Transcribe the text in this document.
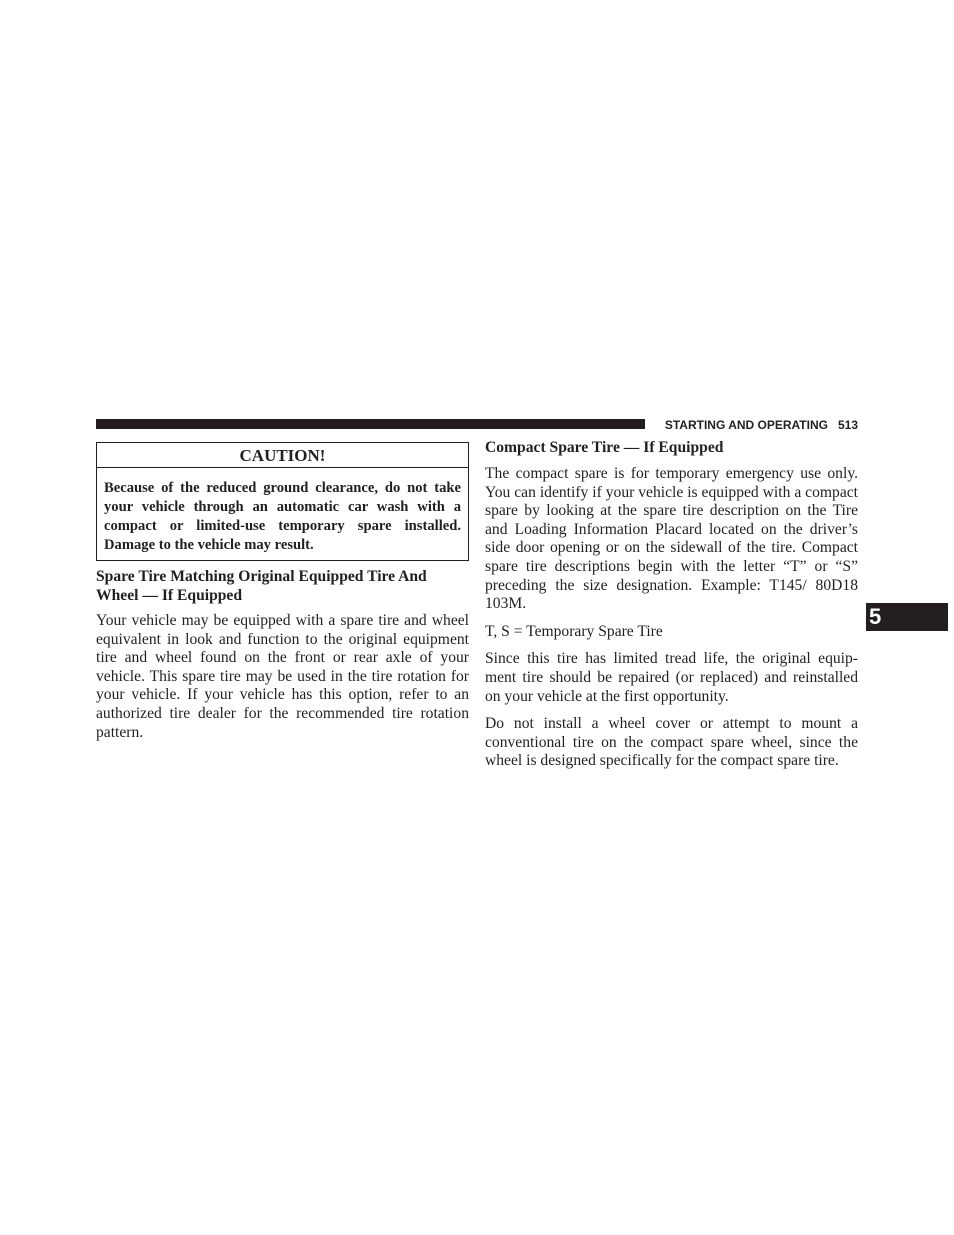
STARTING AND OPERATING 513
CAUTION!

Because of the reduced ground clearance, do not take your vehicle through an automatic car wash with a compact or limited-use temporary spare installed. Damage to the vehicle may result.

Spare Tire Matching Original Equipped Tire And Wheel — If Equipped

Your vehicle may be equipped with a spare tire and wheel equivalent in look and function to the original equipment tire and wheel found on the front or rear axle of your vehicle. This spare tire may be used in the tire rotation for your vehicle. If your vehicle has this option, refer to an authorized tire dealer for the recommended tire rotation pattern.

Compact Spare Tire — If Equipped

The compact spare is for temporary emergency use only. You can identify if your vehicle is equipped with a compact spare by looking at the spare tire description on the Tire and Loading Information Placard located on the driver’s side door opening or on the sidewall of the tire. Compact spare tire descriptions begin with the letter “T” or “S” preceding the size designation. Example: T145/ 80D18 103M.

T, S = Temporary Spare Tire

Since this tire has limited tread life, the original equip- ment tire should be repaired (or replaced) and reinstalled on your vehicle at the first opportunity.

Do not install a wheel cover or attempt to mount a conventional tire on the compact spare wheel, since the wheel is designed specifically for the compact spare tire.

5
